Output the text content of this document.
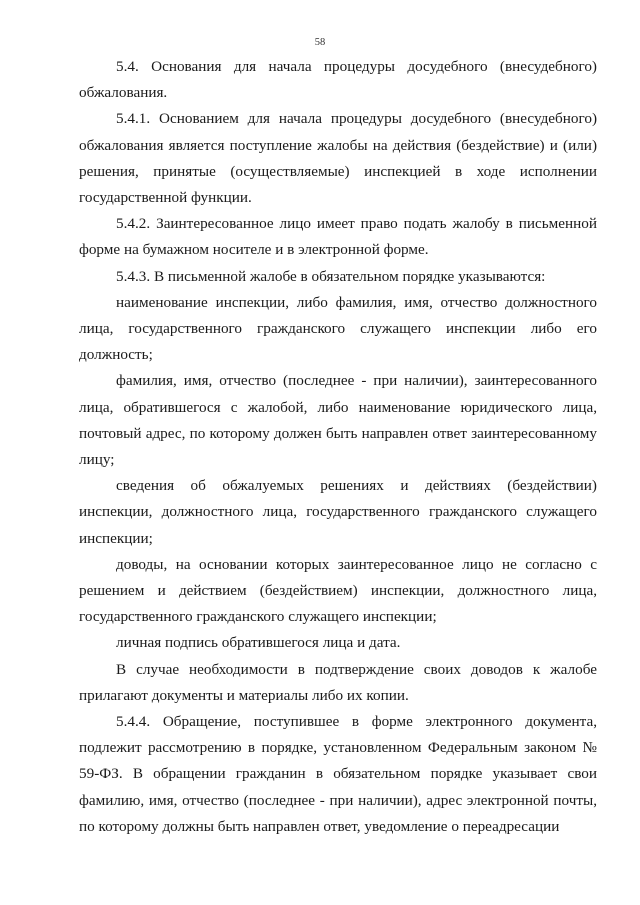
58

5.4. Основания для начала процедуры досудебного (внесудебного) обжалования.

5.4.1. Основанием для начала процедуры досудебного (внесудебного) обжалования является поступление жалобы на действия (бездействие) и (или) решения, принятые (осуществляемые) инспекцией в ходе исполнении государственной функции.

5.4.2. Заинтересованное лицо имеет право подать жалобу в письменной форме на бумажном носителе и в электронной форме.

5.4.3. В письменной жалобе в обязательном порядке указываются:

наименование инспекции, либо фамилия, имя, отчество должностного лица, государственного гражданского служащего инспекции либо его должность;

фамилия, имя, отчество (последнее - при наличии), заинтересованного лица, обратившегося с жалобой, либо наименование юридического лица, почтовый адрес, по которому должен быть направлен ответ заинтересованному лицу;

сведения об обжалуемых решениях и действиях (бездействии) инспекции, должностного лица, государственного гражданского служащего инспекции;

доводы, на основании которых заинтересованное лицо не согласно с решением и действием (бездействием) инспекции, должностного лица, государственного гражданского служащего инспекции;

личная подпись обратившегося лица и дата.

В случае необходимости в подтверждение своих доводов к жалобе прилагают документы и материалы либо их копии.

5.4.4. Обращение, поступившее в форме электронного документа, подлежит рассмотрению в порядке, установленном Федеральным законом № 59-ФЗ. В обращении гражданин в обязательном порядке указывает свои фамилию, имя, отчество (последнее - при наличии), адрес электронной почты, по которому должны быть направлен ответ, уведомление о переадресации
